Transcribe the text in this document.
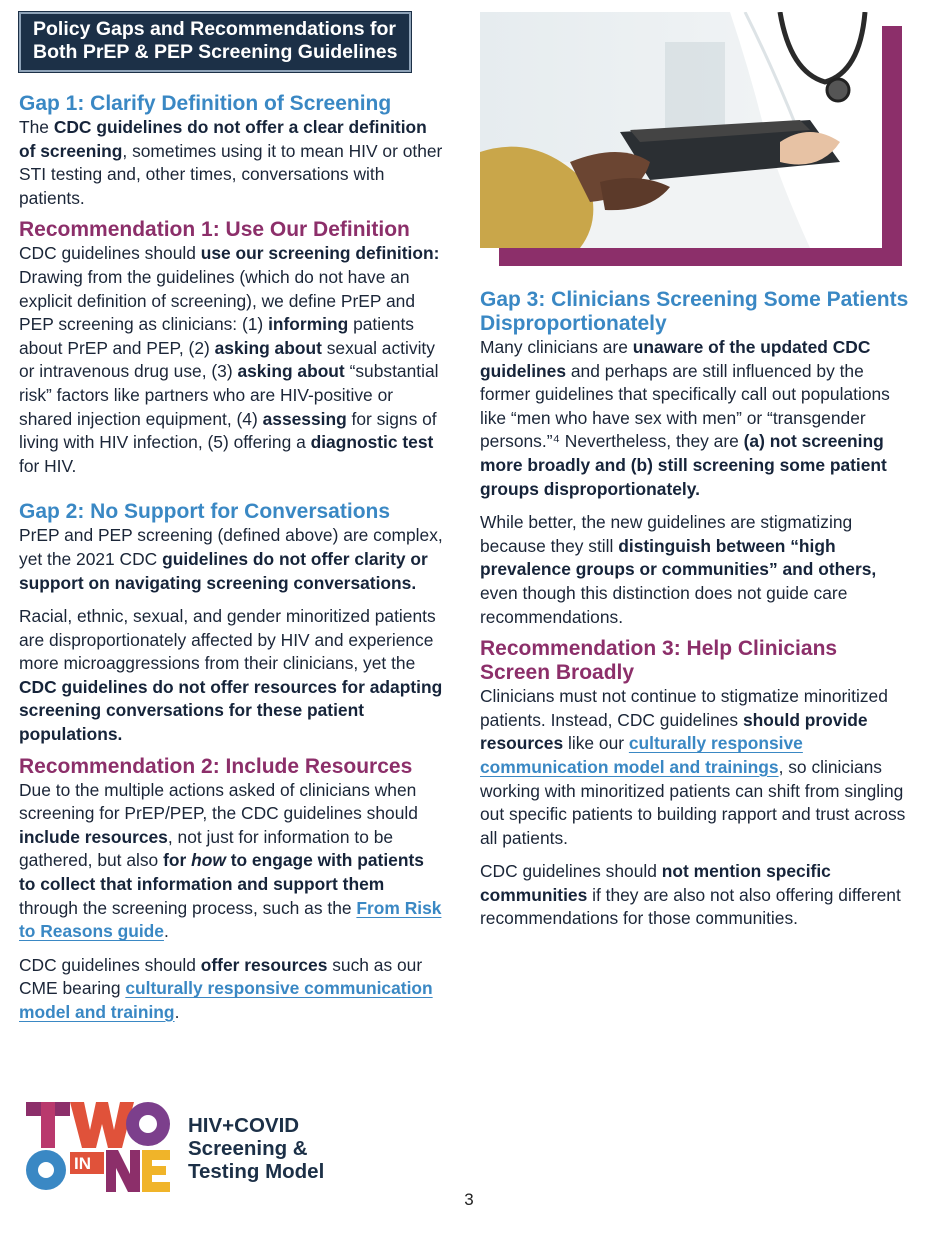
Policy Gaps and Recommendations for
Both PrEP & PEP Screening Guidelines
Gap 1: Clarify Definition of Screening

The CDC guidelines do not offer a clear definition of screening, sometimes using it to mean HIV or other STI testing and, other times, conversations with patients.

Recommendation 1: Use Our Definition

CDC guidelines should use our screening definition: Drawing from the guidelines (which do not have an explicit definition of screening), we define PrEP and PEP screening as clinicians: (1) informing patients about PrEP and PEP, (2) asking about sexual activity or intravenous drug use, (3) asking about “substantial risk” factors like partners who are HIV-positive or shared injection equipment, (4) assessing for signs of living with HIV infection, (5) offering a diagnostic test for HIV.

Gap 2: No Support for Conversations

PrEP and PEP screening (defined above) are complex, yet the 2021 CDC guidelines do not offer clarity or support on navigating screening conversations.

Racial, ethnic, sexual, and gender minoritized patients are disproportionately affected by HIV and experience more microaggressions from their clinicians, yet the CDC guidelines do not offer resources for adapting screening conversations for these patient populations.

Recommendation 2: Include Resources

Due to the multiple actions asked of clinicians when screening for PrEP/PEP, the CDC guidelines should include resources, not just for information to be gathered, but also for how to engage with patients to collect that information and support them through the screening process, such as the From Risk to Reasons guide.

CDC guidelines should offer resources such as our CME bearing culturally responsive communication model and training.

Gap 3: Clinicians Screening Some Patients Disproportionately

Many clinicians are unaware of the updated CDC guidelines and perhaps are still influenced by the former guidelines that specifically call out populations like “men who have sex with men” or “transgender persons.”⁴ Nevertheless, they are (a) not screening more broadly and (b) still screening some patient groups disproportionately.

While better, the new guidelines are stigmatizing because they still distinguish between “high prevalence groups or communities” and others, even though this distinction does not guide care recommendations.

Recommendation 3: Help Clinicians Screen Broadly

Clinicians must not continue to stigmatize minoritized patients. Instead, CDC guidelines should provide resources like our culturally responsive communication model and trainings, so clinicians working with minoritized patients can shift from singling out specific patients to building rapport and trust across all patients.

CDC guidelines should not mention specific communities if they are also not also offering different recommendations for those communities.

IN
HIV+COVID
Screening &
Testing Model
3
